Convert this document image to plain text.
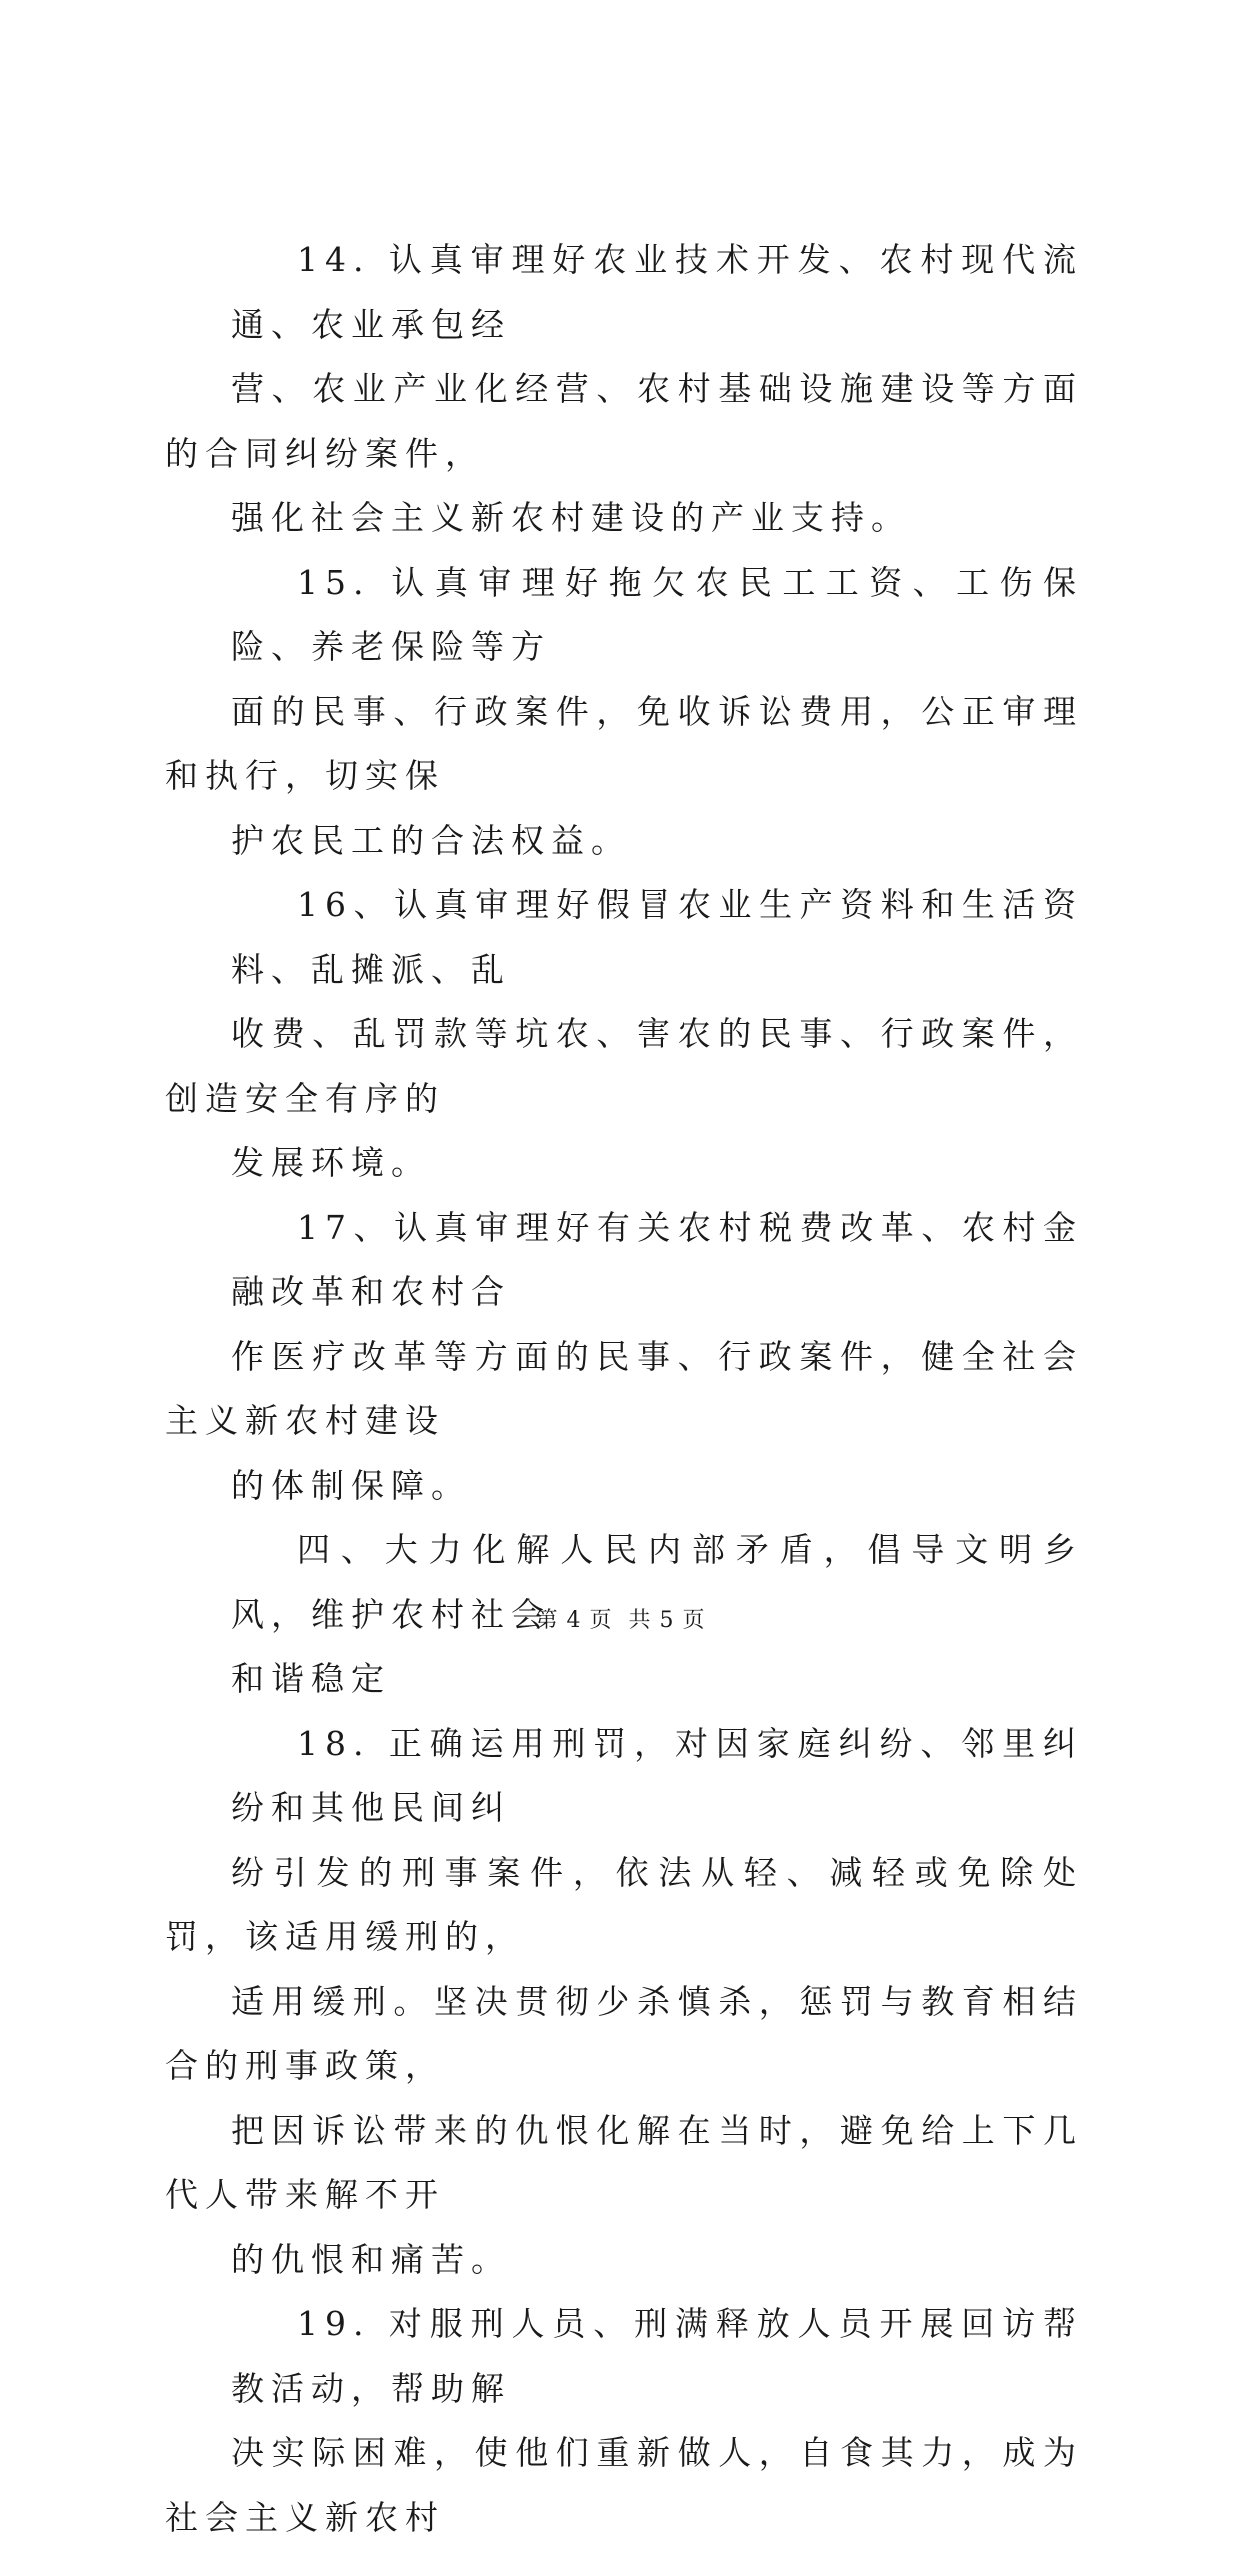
14. 认真审理好农业技术开发、农村现代流通、农业承包经
营、农业产业化经营、农村基础设施建设等方面的合同纠纷案件，
强化社会主义新农村建设的产业支持。

15. 认真审理好拖欠农民工工资、工伤保险、养老保险等方
面的民事、行政案件，免收诉讼费用，公正审理和执行，切实保
护农民工的合法权益。

16、认真审理好假冒农业生产资料和生活资料、乱摊派、乱
收费、乱罚款等坑农、害农的民事、行政案件，创造安全有序的
发展环境。

17、认真审理好有关农村税费改革、农村金融改革和农村合
作医疗改革等方面的民事、行政案件，健全社会主义新农村建设
的体制保障。

四、大力化解人民内部矛盾，倡导文明乡风，维护农村社会
和谐稳定

18. 正确运用刑罚，对因家庭纠纷、邻里纠纷和其他民间纠
纷引发的刑事案件，依法从轻、减轻或免除处罚，该适用缓刑的，
适用缓刑。坚决贯彻少杀慎杀，惩罚与教育相结合的刑事政策，
把因诉讼带来的仇恨化解在当时，避免给上下几代人带来解不开
的仇恨和痛苦。

19. 对服刑人员、刑满释放人员开展回访帮教活动，帮助解
决实际困难，使他们重新做人，自食其力，成为社会主义新农村

第 4 页  共 5 页
